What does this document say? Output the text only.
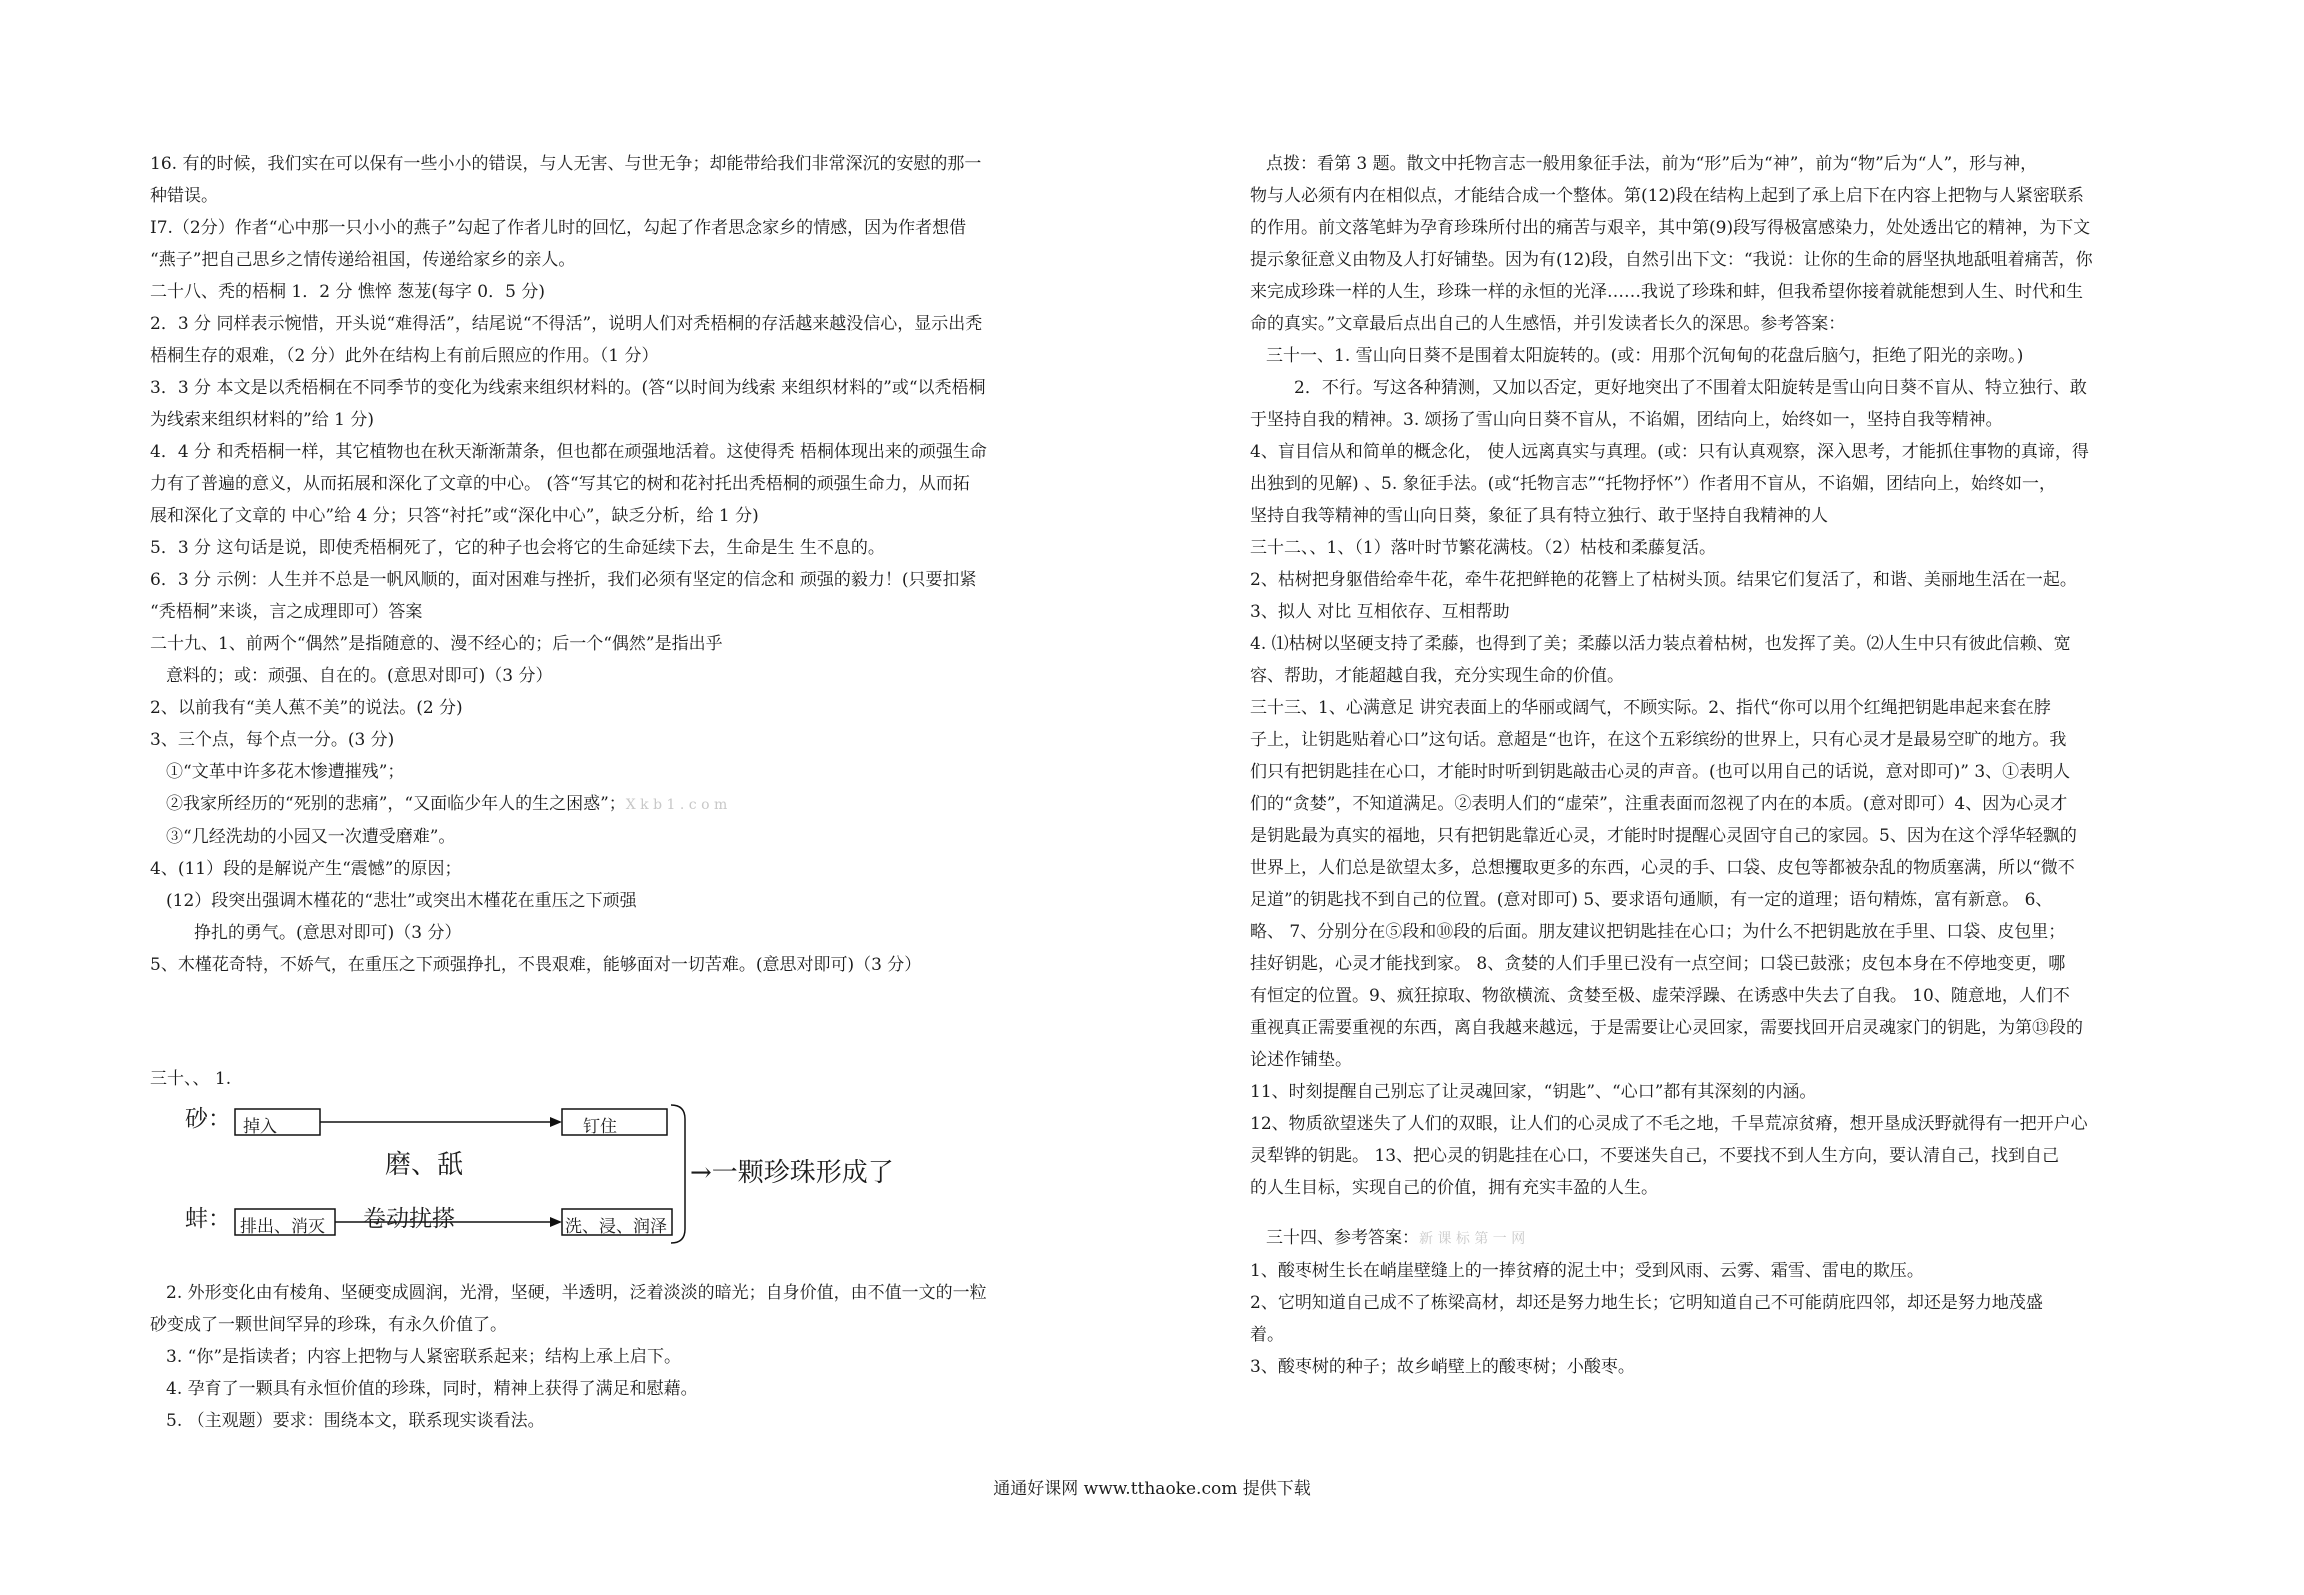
16. 有的时候，我们实在可以保有一些小小的错误，与人无害、与世无争；却能带给我们非常深沉的安慰的那一

种错误。

I7.（2分）作者“心中那一只小小的燕子”勾起了作者儿时的回忆，勾起了作者思念家乡的情感，因为作者想借

“燕子”把自己思乡之情传递给祖国，传递给家乡的亲人。

二十八、秃的梧桐 1．2 分 憔悴 葱茏(每字 0．5 分)

2．3 分 同样表示惋惜，开头说“难得活”，结尾说“不得活”，说明人们对秃梧桐的存活越来越没信心，显示出秃

梧桐生存的艰难，（2 分）此外在结构上有前后照应的作用。（1 分）

3．3 分 本文是以秃梧桐在不同季节的变化为线索来组织材料的。(答“以时间为线索 来组织材料的”或“以秃梧桐

为线索来组织材料的”给 1 分)

4．4 分 和秃梧桐一样，其它植物也在秋天渐渐萧条，但也都在顽强地活着。这使得秃 梧桐体现出来的顽强生命

力有了普遍的意义，从而拓展和深化了文章的中心。 (答“写其它的树和花衬托出秃梧桐的顽强生命力，从而拓

展和深化了文章的 中心”给 4 分；只答“衬托”或“深化中心”，缺乏分析，给 1 分)

5．3 分 这句话是说，即使秃梧桐死了，它的种子也会将它的生命延续下去，生命是生 生不息的。

6．3 分 示例：人生并不总是一帆风顺的，面对困难与挫折，我们必须有坚定的信念和 顽强的毅力！(只要扣紧

“秃梧桐”来谈，言之成理即可）答案

二十九、1、前两个“偶然”是指随意的、漫不经心的；后一个“偶然”是指出乎

意料的；或：顽强、自在的。(意思对即可)（3 分）

2、以前我有“美人蕉不美”的说法。(2 分)

3、三个点，每个点一分。(3 分)

①“文革中许多花木惨遭摧残”；

②我家所经历的“死别的悲痛”，“又面临少年人的生之困惑”；X k b 1 . c o m

③“几经洗劫的小园又一次遭受磨难”。

4、(11）段的是解说产生“震憾”的原因；

(12）段突出强调木槿花的“悲壮”或突出木槿花在重压之下顽强

挣扎的勇气。(意思对即可)（3 分）

5、木槿花奇特，不娇气，在重压之下顽强挣扎，不畏艰难，能够面对一切苦难。(意思对即可)（3 分）

三十、、 1.

砂： 掉入	钉住
蚌： 排出、消灭
磨、舐
卷动扰搽	洗、浸、润泽
→一颗珍珠形成了

2. 外形变化由有棱角、坚硬变成圆润，光滑，坚硬，半透明，泛着淡淡的暗光；自身价值，由不值一文的一粒

砂变成了一颗世间罕异的珍珠，有永久价值了。

3. “你”是指读者；内容上把物与人紧密联系起来；结构上承上启下。

4. 孕育了一颗具有永恒价值的珍珠，同时，精神上获得了满足和慰藉。

5. （主观题）要求：围绕本文，联系现实谈看法。

点拨：看第 3 题。散文中托物言志一般用象征手法，前为“形”后为“神”，前为“物”后为“人”，形与神，

物与人必须有内在相似点，才能结合成一个整体。第(12)段在结构上起到了承上启下在内容上把物与人紧密联系

的作用。前文落笔蚌为孕育珍珠所付出的痛苦与艰辛，其中第(9)段写得极富感染力，处处透出它的精神，为下文

提示象征意义由物及人打好铺垫。因为有(12)段，自然引出下文：“我说：让你的生命的唇坚执地舐咀着痛苦，你

来完成珍珠一样的人生，珍珠一样的永恒的光泽……我说了珍珠和蚌，但我希望你接着就能想到人生、时代和生

命的真实。”文章最后点出自己的人生感悟，并引发读者长久的深思。参考答案：

三十一、1. 雪山向日葵不是围着太阳旋转的。(或：用那个沉甸甸的花盘后脑勺，拒绝了阳光的亲吻。)

2．不行。写这各种猜测，又加以否定，更好地突出了不围着太阳旋转是雪山向日葵不盲从、特立独行、敢

于坚持自我的精神。3. 颂扬了雪山向日葵不盲从，不谄媚，团结向上，始终如一，坚持自我等精神。

4、盲目信从和简单的概念化， 使人远离真实与真理。(或：只有认真观察，深入思考，才能抓住事物的真谛，得

出独到的见解) 、5. 象征手法。(或“托物言志”“托物抒怀”）作者用不盲从，不谄媚，团结向上，始终如一，

坚持自我等精神的雪山向日葵，象征了具有特立独行、敢于坚持自我精神的人

三十二、、1、（1）落叶时节繁花满枝。（2）枯枝和柔藤复活。

2、枯树把身躯借给牵牛花，牵牛花把鲜艳的花簪上了枯树头顶。结果它们复活了，和谐、美丽地生活在一起。

3、拟人 对比 互相依存、互相帮助

4. ⑴枯树以坚硬支持了柔藤，也得到了美；柔藤以活力装点着枯树，也发挥了美。⑵人生中只有彼此信赖、宽

容、帮助，才能超越自我，充分实现生命的价值。

三十三、1、心满意足 讲究表面上的华丽或阔气，不顾实际。2、指代“你可以用个红绳把钥匙串起来套在脖

子上，让钥匙贴着心口”这句话。意超是“也许，在这个五彩缤纷的世界上，只有心灵才是最易空旷的地方。我

们只有把钥匙挂在心口，才能时时听到钥匙敲击心灵的声音。(也可以用自己的话说，意对即可)” 3、①表明人

们的“贪婪”，不知道满足。②表明人们的“虚荣”，注重表面而忽视了内在的本质。(意对即可）4、因为心灵才

是钥匙最为真实的福地，只有把钥匙靠近心灵，才能时时提醒心灵固守自己的家园。5、因为在这个浮华轻飘的

世界上，人们总是欲望太多，总想攫取更多的东西，心灵的手、口袋、皮包等都被杂乱的物质塞满，所以“微不

足道”的钥匙找不到自己的位置。(意对即可) 5、要求语句通顺，有一定的道理；语句精炼，富有新意。 6、

略、 7、分别分在⑤段和⑩段的后面。朋友建议把钥匙挂在心口；为什么不把钥匙放在手里、口袋、皮包里；

挂好钥匙，心灵才能找到家。 8、贪婪的人们手里已没有一点空间；口袋已鼓涨；皮包本身在不停地变更，哪

有恒定的位置。9、疯狂掠取、物欲横流、贪婪至极、虚荣浮躁、在诱惑中失去了自我。 10、随意地，人们不

重视真正需要重视的东西，离自我越来越远，于是需要让心灵回家，需要找回开启灵魂家门的钥匙，为第⑬段的

论述作铺垫。

11、时刻提醒自己别忘了让灵魂回家，“钥匙”、“心口”都有其深刻的内涵。

12、物质欲望迷失了人们的双眼，让人们的心灵成了不毛之地，千旱荒凉贫瘠，想开垦成沃野就得有一把开户心

灵犁铧的钥匙。 13、把心灵的钥匙挂在心口，不要迷失自己，不要找不到人生方向，要认清自己，找到自己

的人生目标，实现自己的价值，拥有充实丰盈的人生。

三十四、参考答案：新 课 标 第 一 网

1、酸枣树生长在峭崖壁缝上的一捧贫瘠的泥土中；受到风雨、云雾、霜雪、雷电的欺压。

2、它明知道自己成不了栋梁高材，却还是努力地生长；它明知道自己不可能荫庇四邻，却还是努力地茂盛

着。

3、酸枣树的种子；故乡峭壁上的酸枣树；小酸枣。

通通好课网 www.tthaoke.com 提供下载
